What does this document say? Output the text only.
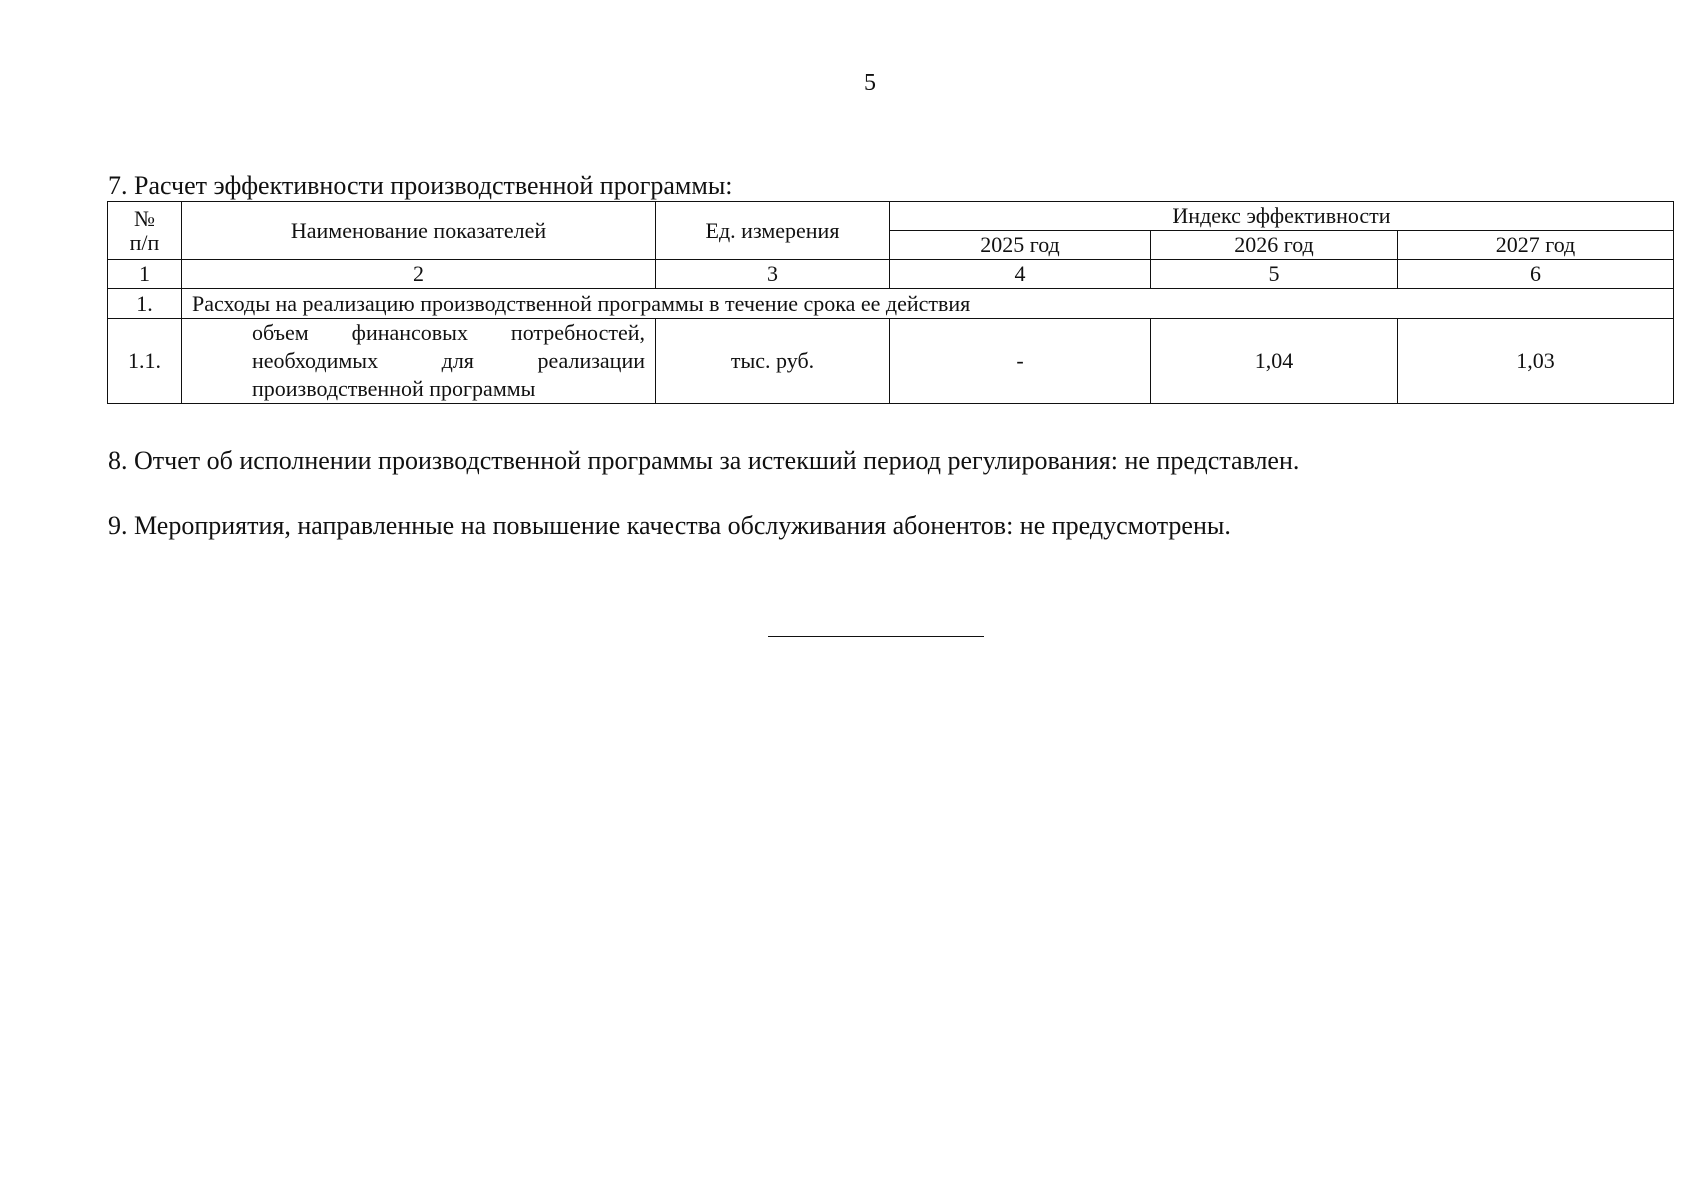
5
7. Расчет эффективности производственной программы:
№
п/п	Наименование показателей	Ед. измерения	Индекс эффективности		
			2025 год	2026 год	2027 год
1	2	3	4	5	6
1.	Расходы на реализацию производственной программы в течение срока ее действия				
1.1.	объем финансовых потребностей, необходимых для реализации производственной программы	тыс. руб.	-	1,04	1,03
8. Отчет об исполнении производственной программы за истекший период регулирования: не представлен.
9. Мероприятия, направленные на повышение качества обслуживания абонентов: не предусмотрены.
